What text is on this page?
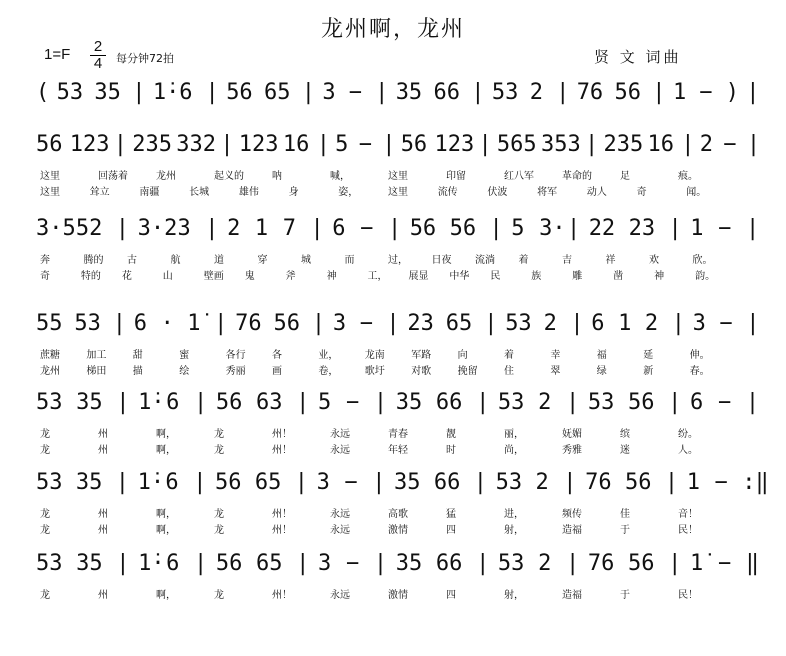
龙州啊，龙州
1=F 2
4	每分钟72拍	贤 文 词曲
( 53 35 | 1̇· 6 | 56 65 | 3 − | 35 66 | 53 2 | 76 56 | 1 − ) |
56 123 | 235 332 | 123 16 | 5 − | 56 123 | 565 353 | 235 16 | 2 − |
这里	回荡着	龙州	起义的	呐	喊，	这里	印留	红八军	革命的	足	痕。
这里	耸立	南疆	长城	雄伟	身	姿，	这里	流传	伏波	将军	动人	奇	闻。
3·5 52 | 3·2 3 | 2 1 7 | 6 − | 56 56 | 5 3· | 22 23 | 1 − |
奔	腾的 古	航	道	穿	城	而	过， 日夜 流淌 着	吉	祥	欢	欣。
奇	特的 花	山	壁画 鬼	斧	神	工， 展显 中华 民	族	雕	凿	神	韵。
55 53 | 6 · 1̇ | 76 56 | 3 − | 23 65 | 53 2 | 6 1 2 | 3 − |
蔗糖	加工	甜	蜜	各行	各	业，	龙南	军路	向	着	幸	福	延	伸。
龙州	梯田	描	绘	秀丽	画	卷，	歌圩	对歌	挽留	住	翠	绿	新	春。
53 35 | 1̇· 6 | 56 63 | 5 − | 35 66 | 53 2 | 53 56 | 6 − |
龙	州	啊，	龙	州！	永远	青春	靓	丽，	妩媚	缤	纷。
龙	州	啊，	龙	州！	永远	年轻	时	尚，	秀雅	迷	人。
53 35 | 1̇· 6 | 56 65 | 3 − | 35 66 | 53 2 | 76 56 | 1 − :‖
龙	州	啊，	龙	州！	永远	高歌	猛	进，	频传	佳	音！
龙	州	啊，	龙	州！	永远	激情	四	射，	造福	于	民！
53 35 | 1̇· 6 | 56 65 | 3 − | 35 66 | 53 2 | 76 56 | 1̇ − ‖
龙	州	啊，	龙	州！	永远	激情	四	射，	造福	于	民！
